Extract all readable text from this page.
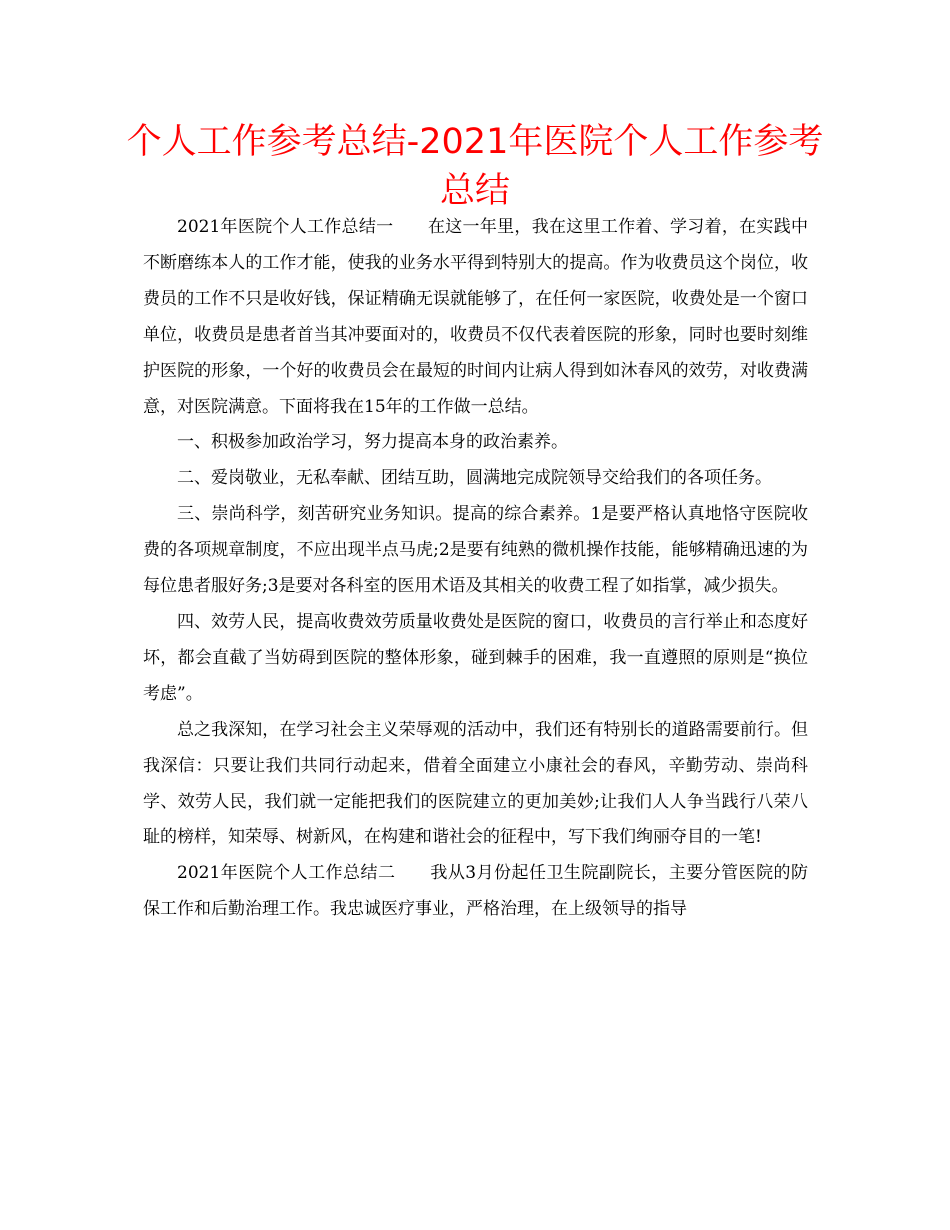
个人工作参考总结-2021年医院个人工作参考总结

2021年医院个人工作总结一　　在这一年里，我在这里工作着、学习着，在实践中不断磨练本人的工作才能，使我的业务水平得到特别大的提高。作为收费员这个岗位，收费员的工作不只是收好钱，保证精确无误就能够了，在任何一家医院，收费处是一个窗口单位，收费员是患者首当其冲要面对的，收费员不仅代表着医院的形象，同时也要时刻维护医院的形象，一个好的收费员会在最短的时间内让病人得到如沐春风的效劳，对收费满意，对医院满意。下面将我在15年的工作做一总结。

一、积极参加政治学习，努力提高本身的政治素养。

二、爱岗敬业，无私奉献、团结互助，圆满地完成院领导交给我们的各项任务。

三、崇尚科学，刻苦研究业务知识。提高的综合素养。1是要严格认真地恪守医院收费的各项规章制度，不应出现半点马虎;2是要有纯熟的微机操作技能，能够精确迅速的为每位患者服好务;3是要对各科室的医用术语及其相关的收费工程了如指掌，减少损失。

四、效劳人民，提高收费效劳质量收费处是医院的窗口，收费员的言行举止和态度好坏，都会直截了当妨碍到医院的整体形象，碰到棘手的困难，我一直遵照的原则是“换位考虑”。

总之我深知，在学习社会主义荣辱观的活动中，我们还有特别长的道路需要前行。但我深信：只要让我们共同行动起来，借着全面建立小康社会的春风，辛勤劳动、崇尚科学、效劳人民，我们就一定能把我们的医院建立的更加美妙;让我们人人争当践行八荣八耻的榜样，知荣辱、树新风，在构建和谐社会的征程中，写下我们绚丽夺目的一笔!

2021年医院个人工作总结二　　我从3月份起任卫生院副院长，主要分管医院的防保工作和后勤治理工作。我忠诚医疗事业，严格治理，在上级领导的指导
